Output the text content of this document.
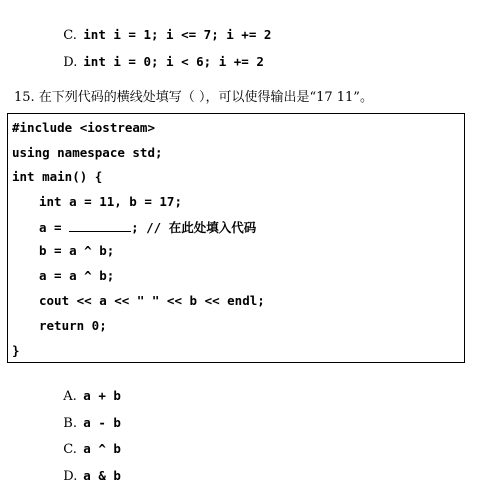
C. int i = 1; i <= 7; i += 2

D. int i = 0; i < 6; i += 2

15. 在下列代码的横线处填写（ ），可以使得输出是“17 11”。
#include <iostream>
using namespace std;
int main() {
int a = 11, b = 17;
a =	; // 在此处填入代码
b = a ^ b;
a = a ^ b;
cout << a << " " << b << endl;
return 0;
}

A. a + b

B. a - b

C. a ^ b

D. a & b
